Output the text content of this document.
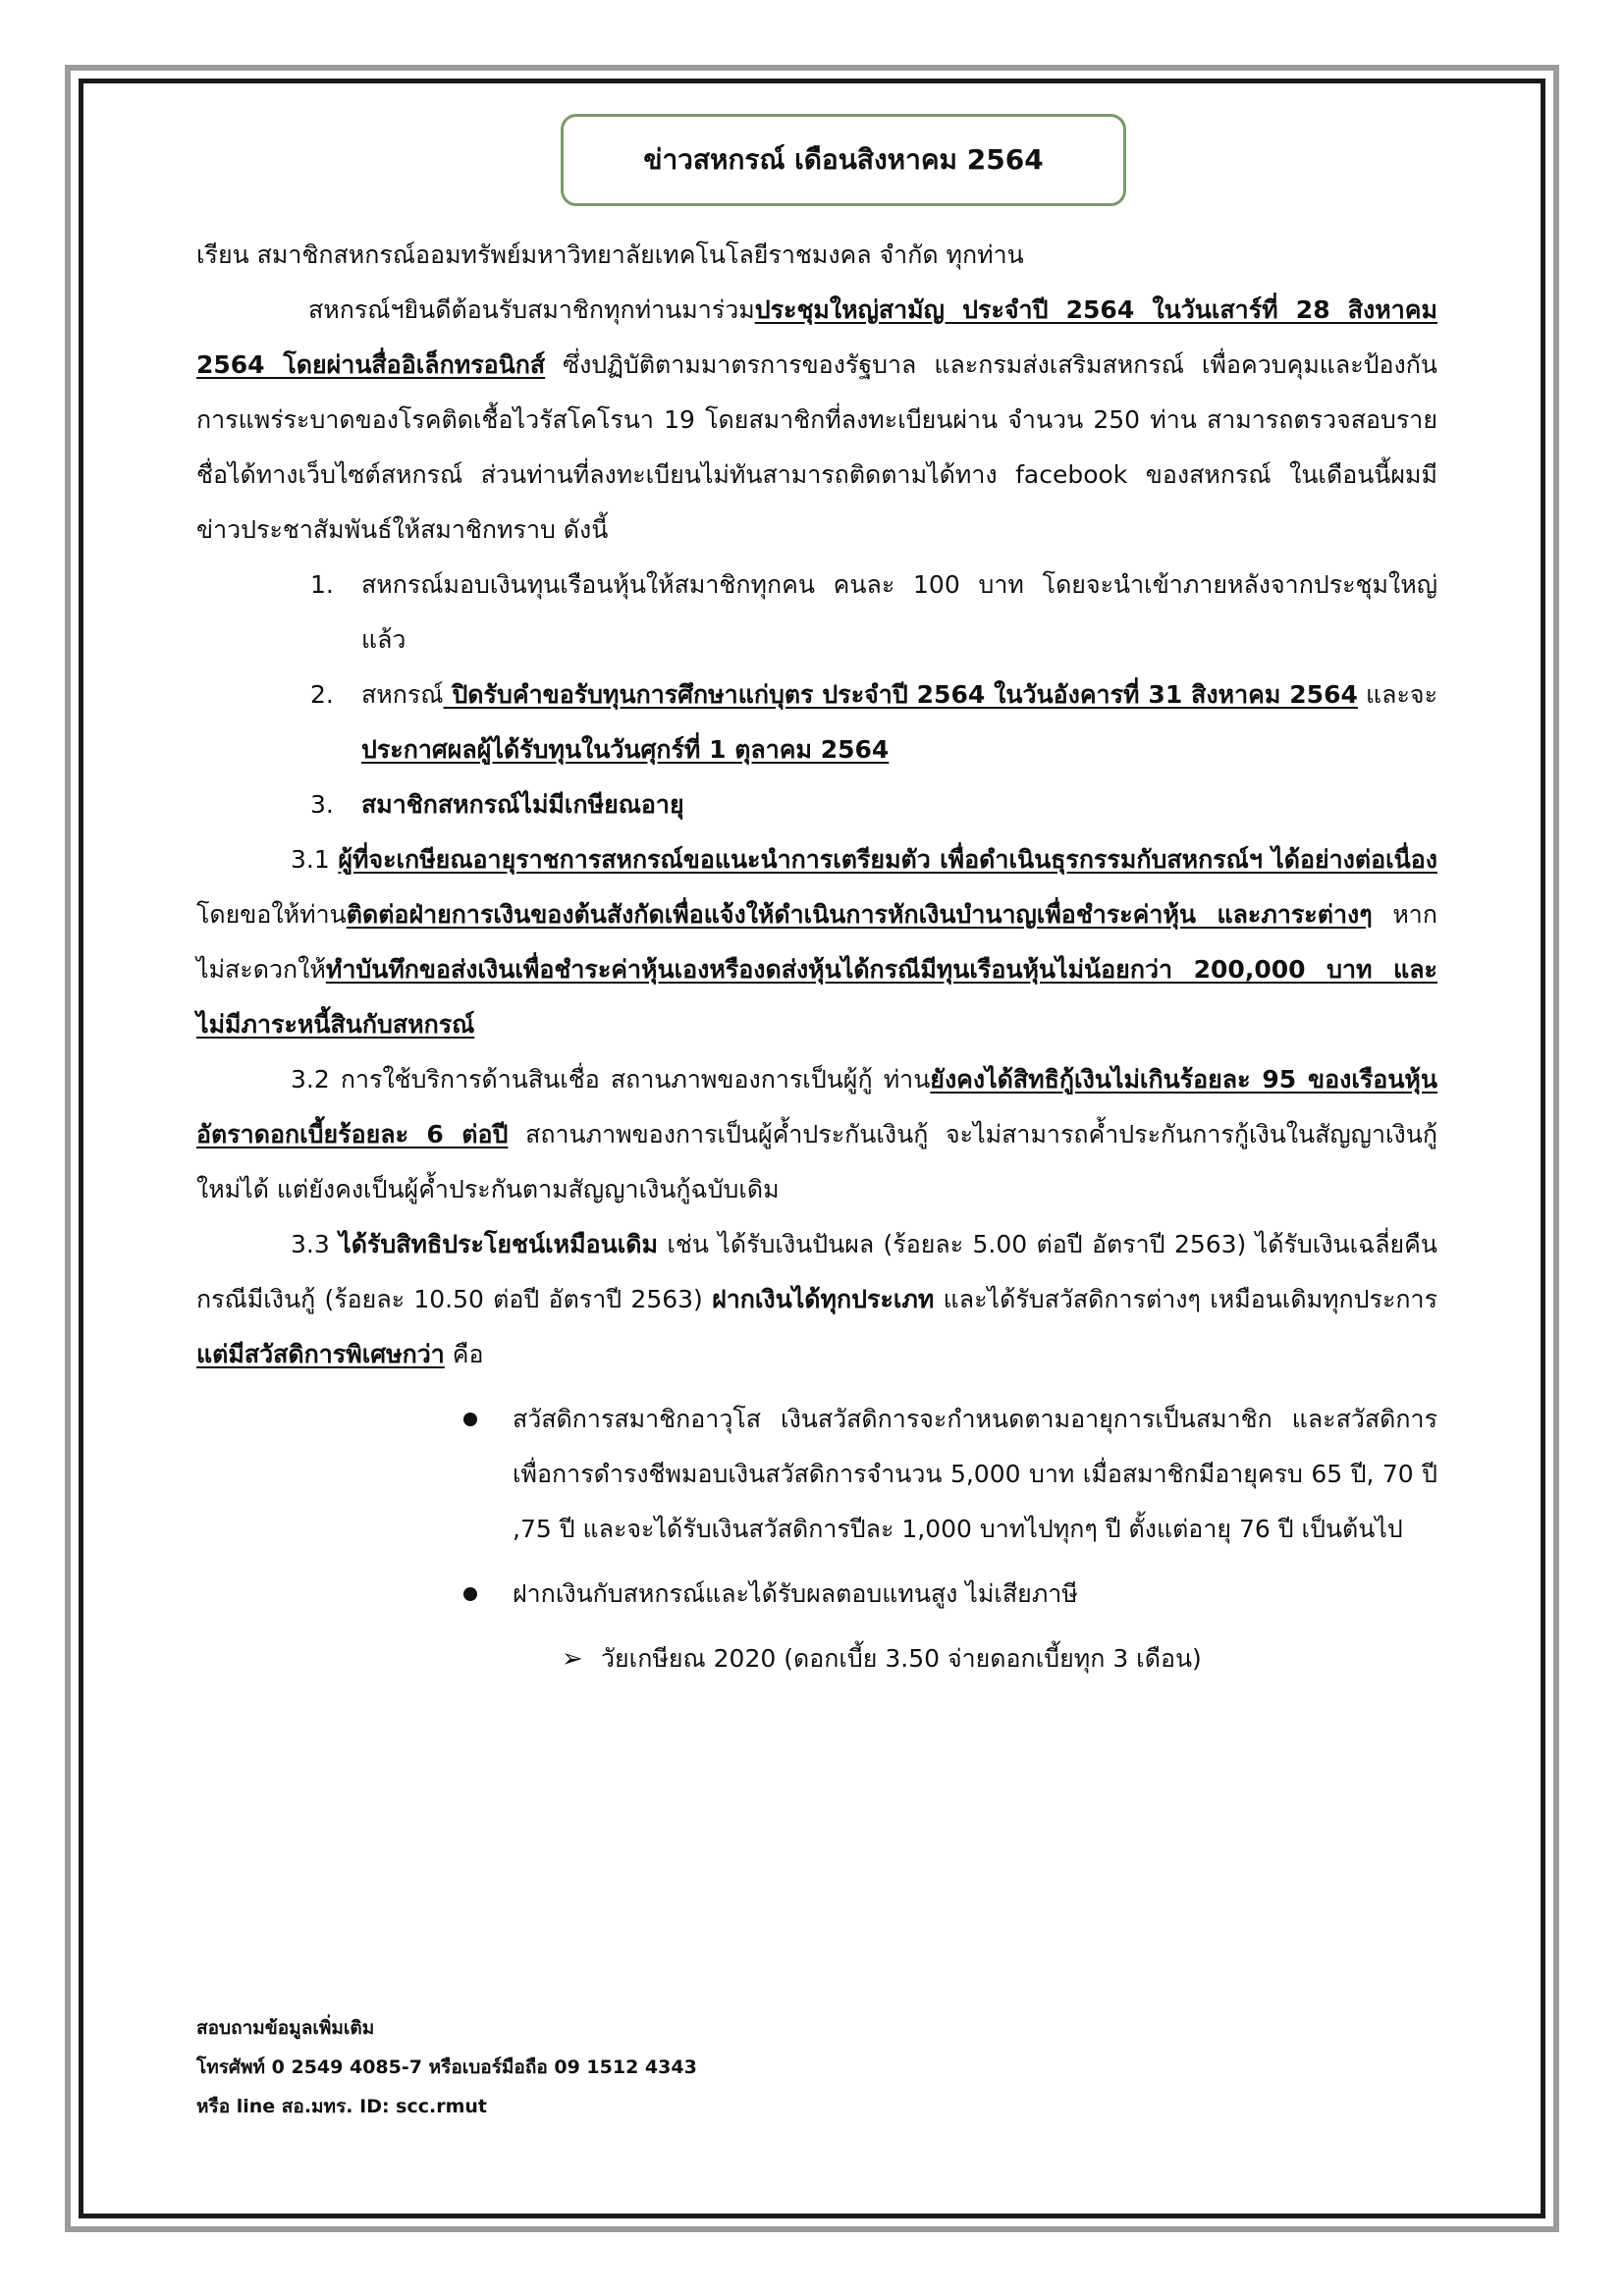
ข่าวสหกรณ์ เดือนสิงหาคม 2564

เรียน สมาชิกสหกรณ์ออมทรัพย์มหาวิทยาลัยเทคโนโลยีราชมงคล จำกัด ทุกท่าน

สหกรณ์ฯยินดีต้อนรับสมาชิกทุกท่านมาร่วมประชุมใหญ่สามัญ ประจำปี 2564 ในวันเสาร์ที่ 28 สิงหาคม 2564 โดยผ่านสื่ออิเล็กทรอนิกส์ ซึ่งปฏิบัติตามมาตรการของรัฐบาล และกรมส่งเสริมสหกรณ์ เพื่อควบคุมและป้องกันการแพร่ระบาดของโรคติดเชื้อไวรัสโคโรนา 19 โดยสมาชิกที่ลงทะเบียนผ่าน จำนวน 250 ท่าน สามารถตรวจสอบรายชื่อได้ทางเว็บไซต์สหกรณ์ ส่วนท่านที่ลงทะเบียนไม่ทันสามารถติดตามได้ทาง facebook ของสหกรณ์ ในเดือนนี้ผมมีข่าวประชาสัมพันธ์ให้สมาชิกทราบ ดังนี้

1.	สหกรณ์มอบเงินทุนเรือนหุ้นให้สมาชิกทุกคน คนละ 100 บาท โดยจะนำเข้าภายหลังจากประชุมใหญ่แล้ว
2.	สหกรณ์ ปิดรับคำขอรับทุนการศึกษาแก่บุตร ประจำปี 2564 ในวันอังคารที่ 31 สิงหาคม 2564 และจะประกาศผลผู้ได้รับทุนในวันศุกร์ที่ 1 ตุลาคม 2564
3.	สมาชิกสหกรณ์ไม่มีเกษียณอายุ

3.1 ผู้ที่จะเกษียณอายุราชการสหกรณ์ขอแนะนำการเตรียมตัว เพื่อดำเนินธุรกรรมกับสหกรณ์ฯ ได้อย่างต่อเนื่อง โดยขอให้ท่านติดต่อฝ่ายการเงินของต้นสังกัดเพื่อแจ้งให้ดำเนินการหักเงินบำนาญเพื่อชำระค่าหุ้น และภาระต่างๆ หากไม่สะดวกให้ทำบันทึกขอส่งเงินเพื่อชำระค่าหุ้นเองหรืองดส่งหุ้นได้กรณีมีทุนเรือนหุ้นไม่น้อยกว่า 200,000 บาท และไม่มีภาระหนี้สินกับสหกรณ์

3.2 การใช้บริการด้านสินเชื่อ สถานภาพของการเป็นผู้กู้ ท่านยังคงได้สิทธิกู้เงินไม่เกินร้อยละ 95 ของเรือนหุ้น อัตราดอกเบี้ยร้อยละ 6 ต่อปี สถานภาพของการเป็นผู้ค้ำประกันเงินกู้ จะไม่สามารถค้ำประกันการกู้เงินในสัญญาเงินกู้ใหม่ได้ แต่ยังคงเป็นผู้ค้ำประกันตามสัญญาเงินกู้ฉบับเดิม

3.3 ได้รับสิทธิประโยชน์เหมือนเดิม เช่น ได้รับเงินปันผล (ร้อยละ 5.00 ต่อปี อัตราปี 2563) ได้รับเงินเฉลี่ยคืน กรณีมีเงินกู้ (ร้อยละ 10.50 ต่อปี อัตราปี 2563) ฝากเงินได้ทุกประเภท และได้รับสวัสดิการต่างๆ เหมือนเดิมทุกประการ แต่มีสวัสดิการพิเศษกว่า คือ

สวัสดิการสมาชิกอาวุโส เงินสวัสดิการจะกำหนดตามอายุการเป็นสมาชิก และสวัสดิการเพื่อการดำรงชีพมอบเงินสวัสดิการจำนวน 5,000 บาท เมื่อสมาชิกมีอายุครบ 65 ปี, 70 ปี ,75 ปี และจะได้รับเงินสวัสดิการปีละ 1,000 บาทไปทุกๆ ปี ตั้งแต่อายุ 76 ปี เป็นต้นไป
ฝากเงินกับสหกรณ์และได้รับผลตอบแทนสูง ไม่เสียภาษี
➢ วัยเกษียณ 2020 (ดอกเบี้ย 3.50 จ่ายดอกเบี้ยทุก 3 เดือน)
สอบถามข้อมูลเพิ่มเติม
โทรศัพท์ 0 2549 4085-7 หรือเบอร์มือถือ 09 1512 4343
หรือ line สอ.มทร. ID: scc.rmut
